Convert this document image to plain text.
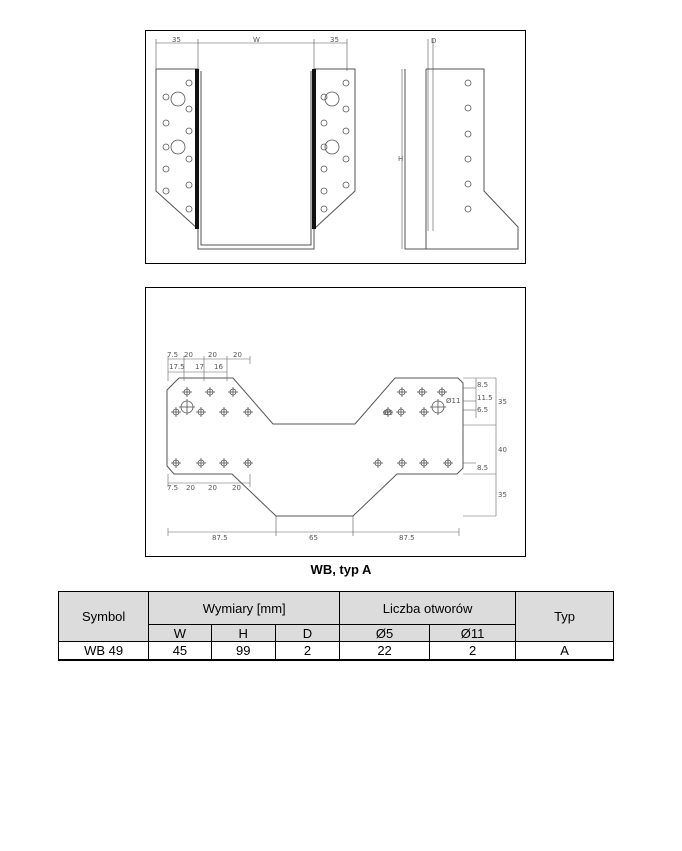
35	W	35	D
H
7.5 20 20 20
17.5 17 16
7.5 20 20 20
8.5
11.5
6.5
8.5
35
40
35
87.5	65	87.5
Ø5
Ø11
WB, typ A
Symbol	Wymiary [mm]			Liczba otworów		Typ
	W	H	D	Ø5	Ø11	
WB 49	45	99	2	22	2	A
